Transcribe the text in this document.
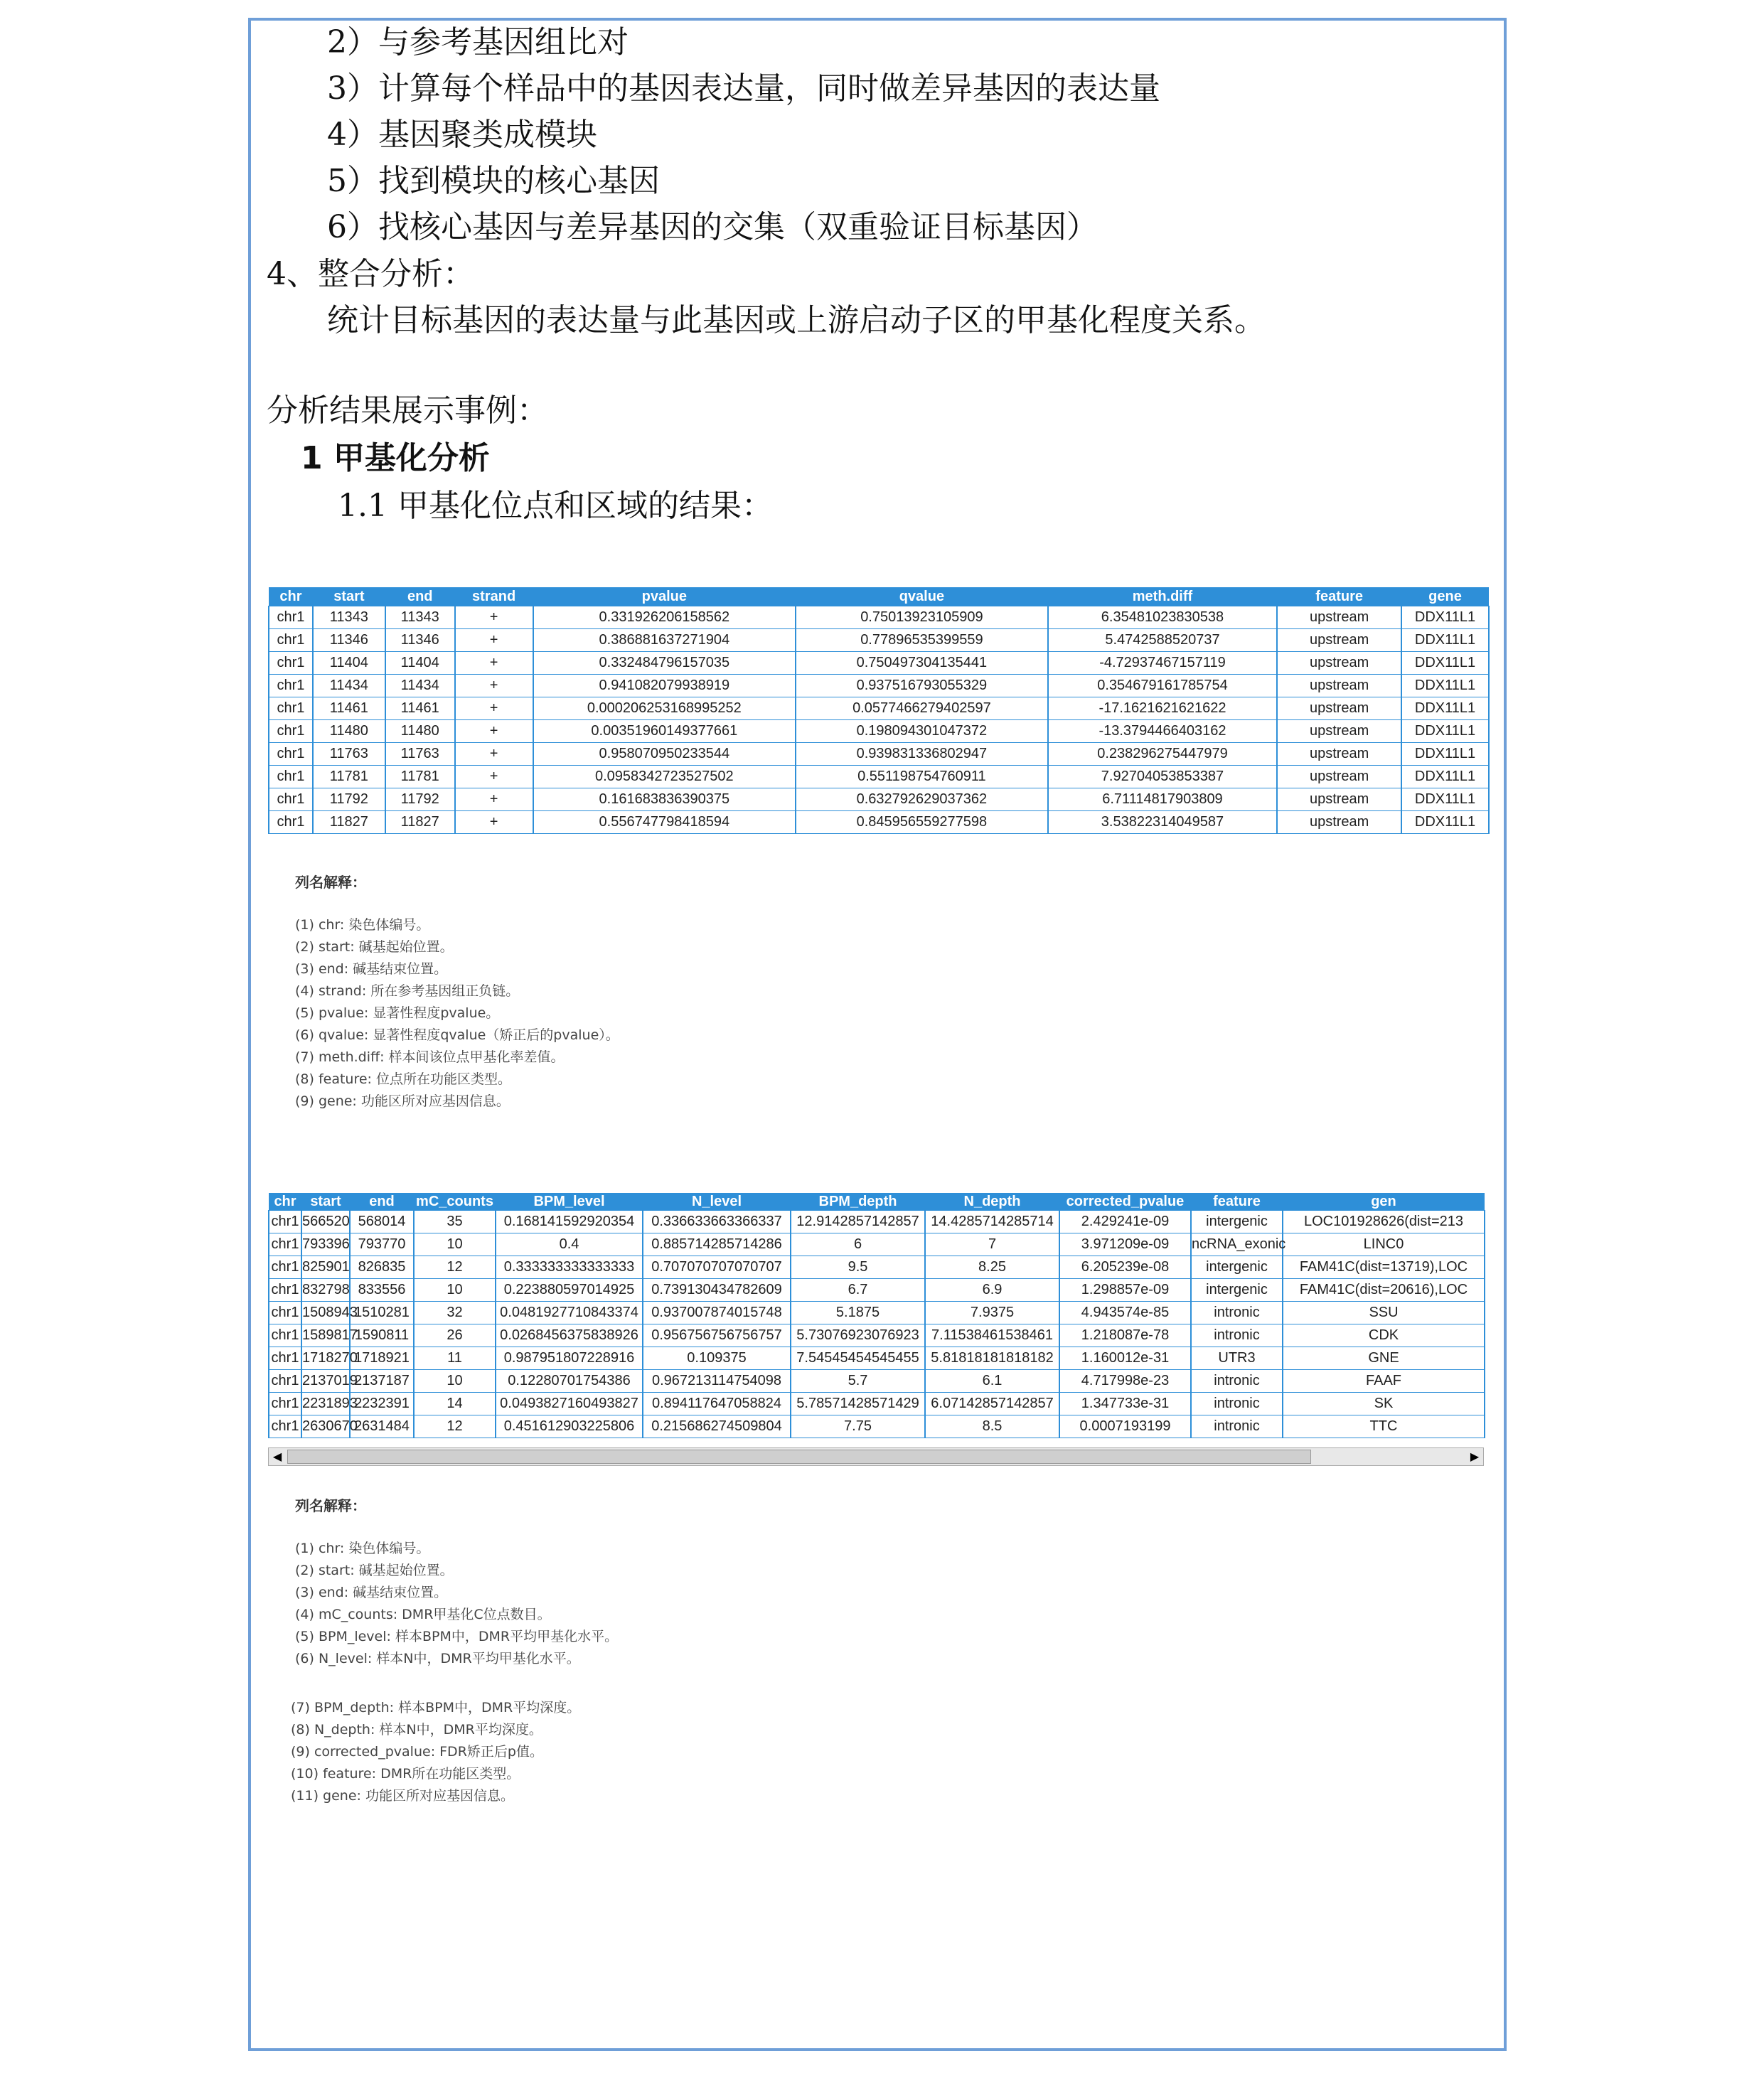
2）与参考基因组比对
3）计算每个样品中的基因表达量，同时做差异基因的表达量
4）基因聚类成模块
5）找到模块的核心基因
6）找核心基因与差异基因的交集（双重验证目标基因）
4、整合分析：
统计目标基因的表达量与此基因或上游启动子区的甲基化程度关系。
分析结果展示事例：
1 甲基化分析
1.1 甲基化位点和区域的结果：
chr	start	end	strand	pvalue	qvalue	meth.diff	feature	gene
chr1	11343	11343	+	0.331926206158562	0.75013923105909	6.35481023830538	upstream	DDX11L1
chr1	11346	11346	+	0.386881637271904	0.77896535399559	5.4742588520737	upstream	DDX11L1
chr1	11404	11404	+	0.332484796157035	0.750497304135441	-4.72937467157119	upstream	DDX11L1
chr1	11434	11434	+	0.941082079938919	0.937516793055329	0.354679161785754	upstream	DDX11L1
chr1	11461	11461	+	0.000206253168995252	0.0577466279402597	-17.1621621621622	upstream	DDX11L1
chr1	11480	11480	+	0.00351960149377661	0.198094301047372	-13.3794466403162	upstream	DDX11L1
chr1	11763	11763	+	0.958070950233544	0.939831336802947	0.238296275447979	upstream	DDX11L1
chr1	11781	11781	+	0.0958342723527502	0.551198754760911	7.92704053853387	upstream	DDX11L1
chr1	11792	11792	+	0.161683836390375	0.632792629037362	6.71114817903809	upstream	DDX11L1
chr1	11827	11827	+	0.556747798418594	0.845956559277598	3.53822314049587	upstream	DDX11L1
列名解释：
(1) chr: 染色体编号。
(2) start: 碱基起始位置。
(3) end: 碱基结束位置。
(4) strand: 所在参考基因组正负链。
(5) pvalue: 显著性程度pvalue。
(6) qvalue: 显著性程度qvalue（矫正后的pvalue）。
(7) meth.diff: 样本间该位点甲基化率差值。
(8) feature: 位点所在功能区类型。
(9) gene: 功能区所对应基因信息。
chr	start	end	mC_counts	BPM_level	N_level	BPM_depth	N_depth	corrected_pvalue	feature	gen
chr1	566520	568014	35	0.168141592920354	0.336633663366337	12.9142857142857	14.4285714285714	2.429241e-09	intergenic	LOC101928626(dist=213
chr1	793396	793770	10	0.4	0.885714285714286	6	7	3.971209e-09	ncRNA_exonic	LINC0
chr1	825901	826835	12	0.333333333333333	0.707070707070707	9.5	8.25	6.205239e-08	intergenic	FAM41C(dist=13719),LOC
chr1	832798	833556	10	0.223880597014925	0.739130434782609	6.7	6.9	1.298857e-09	intergenic	FAM41C(dist=20616),LOC
chr1	1508943	1510281	32	0.0481927710843374	0.937007874015748	5.1875	7.9375	4.943574e-85	intronic	SSU
chr1	1589817	1590811	26	0.0268456375838926	0.956756756756757	5.73076923076923	7.11538461538461	1.218087e-78	intronic	CDK
chr1	1718270	1718921	11	0.987951807228916	0.109375	7.54545454545455	5.81818181818182	1.160012e-31	UTR3	GNE
chr1	2137019	2137187	10	0.12280701754386	0.967213114754098	5.7	6.1	4.717998e-23	intronic	FAAF
chr1	2231893	2232391	14	0.0493827160493827	0.894117647058824	5.78571428571429	6.07142857142857	1.347733e-31	intronic	SK
chr1	2630670	2631484	12	0.451612903225806	0.215686274509804	7.75	8.5	0.0007193199	intronic	TTC
◀	▶
列名解释：
(1) chr: 染色体编号。
(2) start: 碱基起始位置。
(3) end: 碱基结束位置。
(4) mC_counts: DMR甲基化C位点数目。
(5) BPM_level: 样本BPM中，DMR平均甲基化水平。
(6) N_level: 样本N中，DMR平均甲基化水平。
(7) BPM_depth: 样本BPM中，DMR平均深度。
(8) N_depth: 样本N中，DMR平均深度。
(9) corrected_pvalue: FDR矫正后p值。
(10) feature: DMR所在功能区类型。
(11) gene: 功能区所对应基因信息。
